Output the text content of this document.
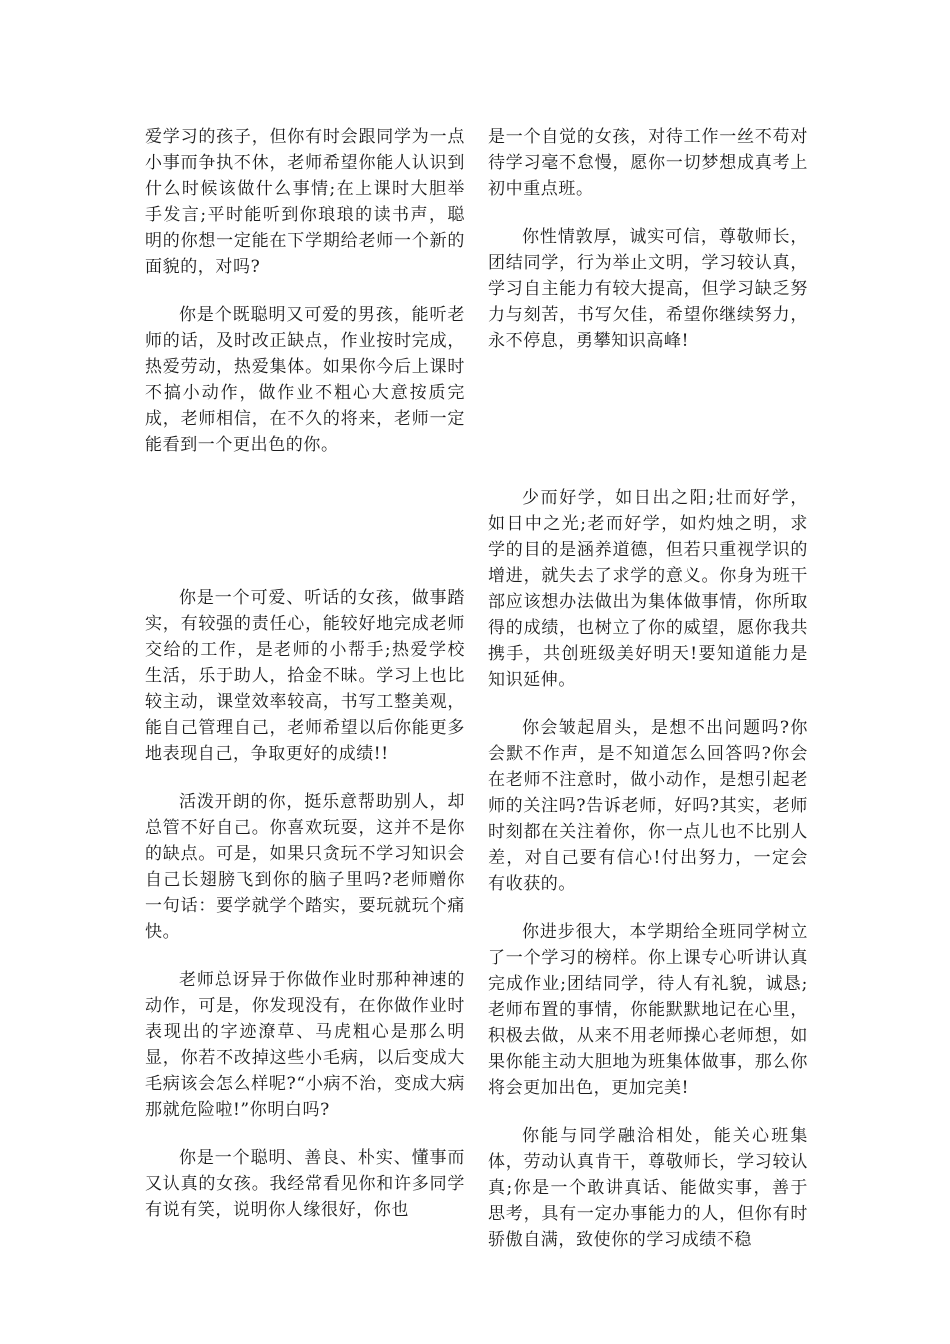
爱学习的孩子，但你有时会跟同学为一点小事而争执不休，老师希望你能人认识到什么时候该做什么事情;在上课时大胆举手发言;平时能听到你琅琅的读书声，聪明的你想一定能在下学期给老师一个新的面貌的，对吗?

你是个既聪明又可爱的男孩，能听老师的话，及时改正缺点，作业按时完成，热爱劳动，热爱集体。如果你今后上课时不搞小动作，做作业不粗心大意按质完成，老师相信，在不久的将来，老师一定能看到一个更出色的你。

是一个自觉的女孩，对待工作一丝不苟对待学习毫不怠慢，愿你一切梦想成真考上初中重点班。

你性情敦厚，诚实可信，尊敬师长，团结同学，行为举止文明，学习较认真，学习自主能力有较大提高，但学习缺乏努力与刻苦，书写欠佳，希望你继续努力，永不停息，勇攀知识高峰!

你是一个可爱、听话的女孩，做事踏实，有较强的责任心，能较好地完成老师交给的工作，是老师的小帮手;热爱学校生活，乐于助人，拾金不昧。学习上也比较主动，课堂效率较高，书写工整美观，能自己管理自己，老师希望以后你能更多地表现自己，争取更好的成绩!!

活泼开朗的你，挺乐意帮助别人，却总管不好自己。你喜欢玩耍，这并不是你的缺点。可是，如果只贪玩不学习知识会自己长翅膀飞到你的脑子里吗?老师赠你一句话：要学就学个踏实，要玩就玩个痛快。

老师总讶异于你做作业时那种神速的动作，可是，你发现没有，在你做作业时表现出的字迹潦草、马虎粗心是那么明显，你若不改掉这些小毛病，以后变成大毛病该会怎么样呢?“小病不治，变成大病那就危险啦!”你明白吗?

你是一个聪明、善良、朴实、懂事而又认真的女孩。我经常看见你和许多同学有说有笑，说明你人缘很好，你也

少而好学，如日出之阳;壮而好学，如日中之光;老而好学，如灼烛之明，求学的目的是涵养道德，但若只重视学识的增进，就失去了求学的意义。你身为班干部应该想办法做出为集体做事情，你所取得的成绩，也树立了你的威望，愿你我共携手，共创班级美好明天!要知道能力是知识延伸。

你会皱起眉头，是想不出问题吗?你会默不作声，是不知道怎么回答吗?你会在老师不注意时，做小动作，是想引起老师的关注吗?告诉老师，好吗?其实，老师时刻都在关注着你，你一点儿也不比别人差，对自己要有信心!付出努力，一定会有收获的。

你进步很大，本学期给全班同学树立了一个学习的榜样。你上课专心听讲认真完成作业;团结同学，待人有礼貌，诚恳;老师布置的事情，你能默默地记在心里，积极去做，从来不用老师操心老师想，如果你能主动大胆地为班集体做事，那么你将会更加出色，更加完美!

你能与同学融洽相处，能关心班集体，劳动认真肯干，尊敬师长，学习较认真;你是一个敢讲真话、能做实事，善于思考，具有一定办事能力的人，但你有时骄傲自满，致使你的学习成绩不稳
